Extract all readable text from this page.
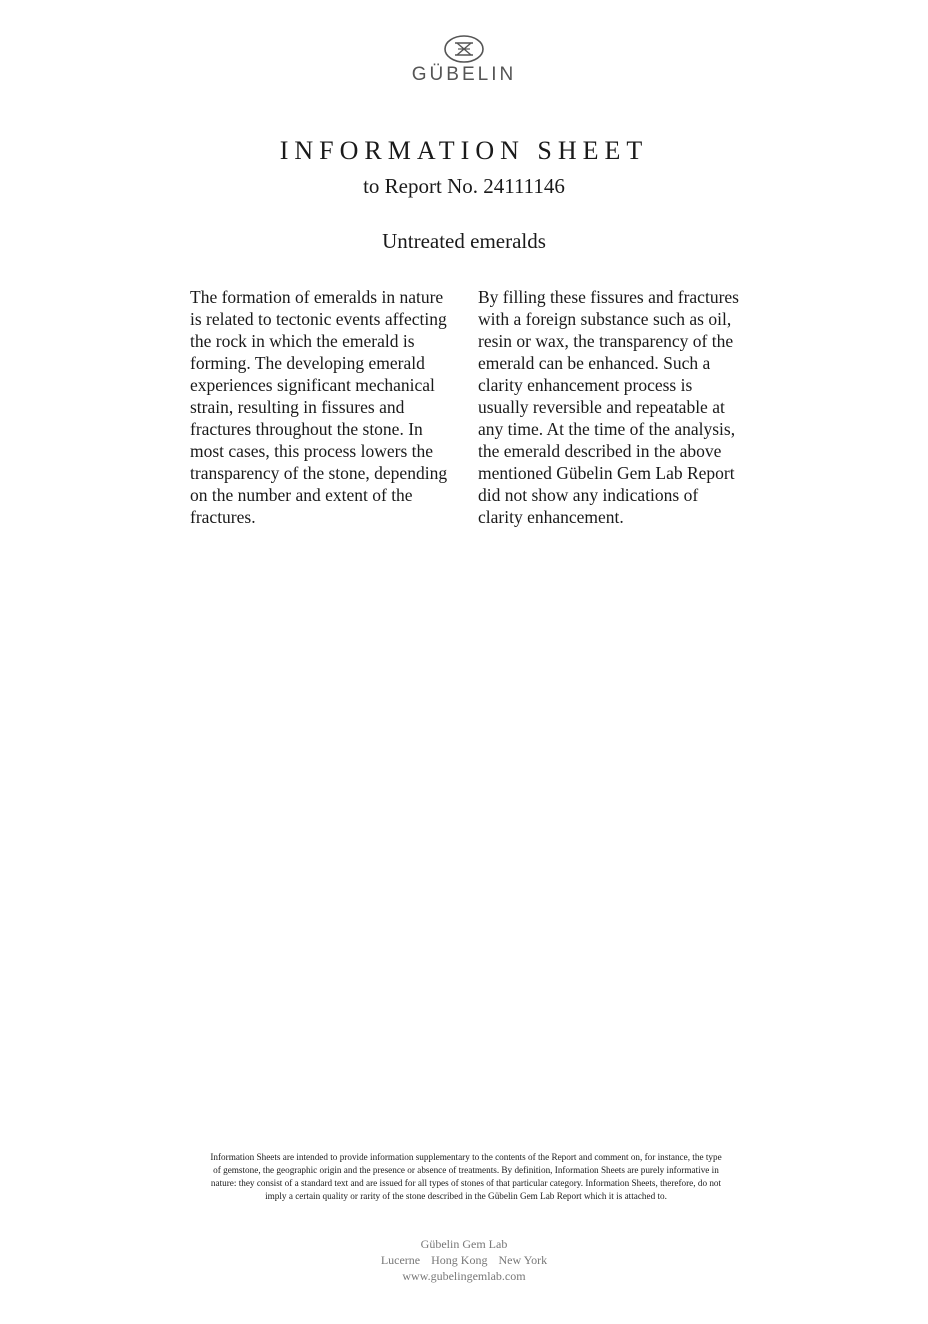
GÜBELIN
INFORMATION SHEET
to Report No. 24111146
Untreated emeralds
The formation of emeralds in nature
is related to tectonic events affecting
the rock in which the emerald is
forming. The developing emerald
experiences significant mechanical
strain, resulting in fissures and
fractures throughout the stone. In
most cases, this process lowers the
transparency of the stone, depending
on the number and extent of the
fractures.
By filling these fissures and fractures
with a foreign substance such as oil,
resin or wax, the transparency of the
emerald can be enhanced. Such a
clarity enhancement process is
usually reversible and repeatable at
any time. At the time of the analysis,
the emerald described in the above
mentioned Gübelin Gem Lab Report
did not show any indications of
clarity enhancement.
Information Sheets are intended to provide information supplementary to the contents of the Report and comment on, for instance, the type
of gemstone, the geographic origin and the presence or absence of treatments. By definition, Information Sheets are purely informative in
nature: they consist of a standard text and are issued for all types of stones of that particular category. Information Sheets, therefore, do not
imply a certain quality or rarity of the stone described in the Gübelin Gem Lab Report which it is attached to.
Gübelin Gem Lab
Lucerne Hong Kong New York
www.gubelingemlab.com
